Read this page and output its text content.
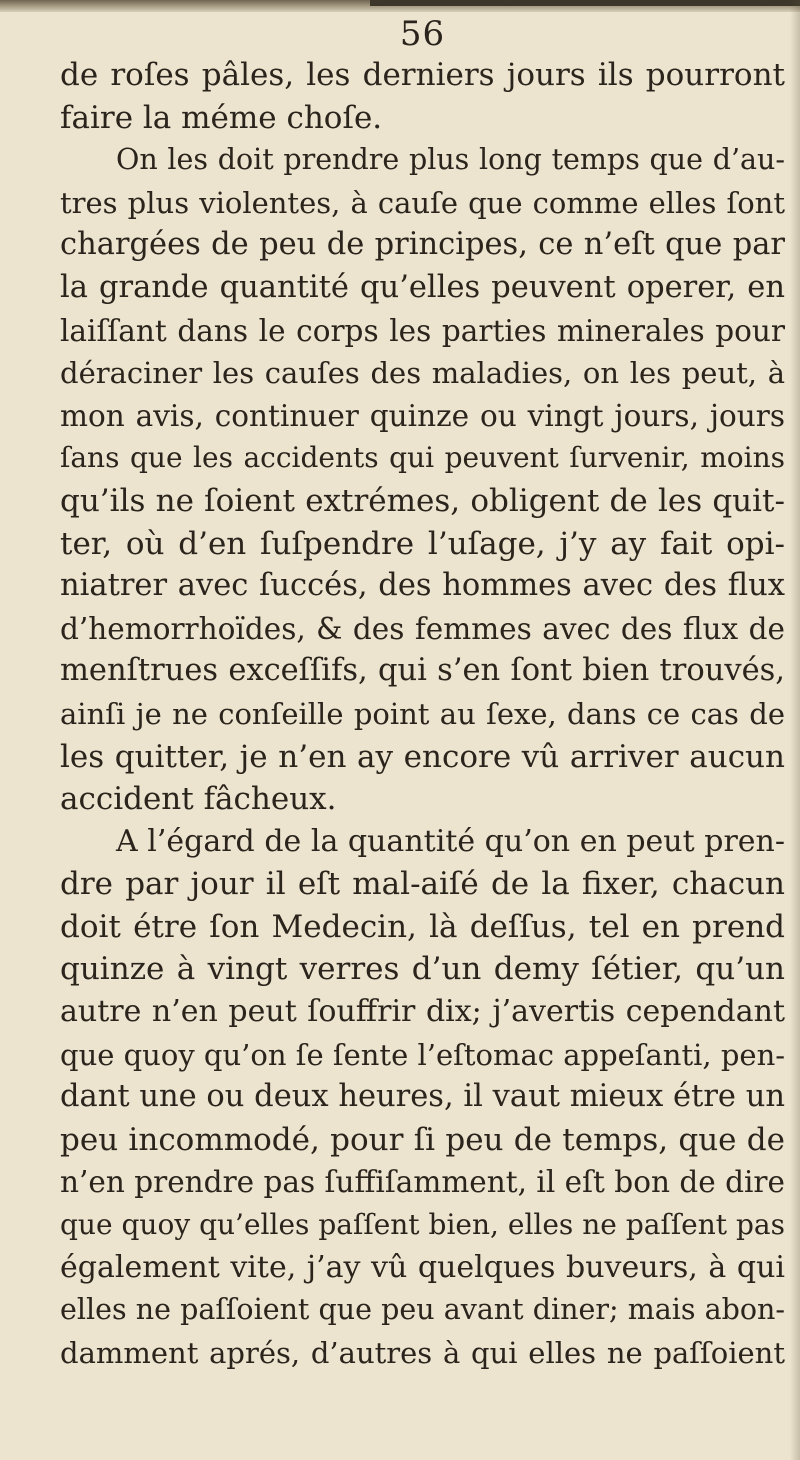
56
de roſes pâles, les derniers jours ils pourront
faire la méme choſe.
On les doit prendre plus long temps que d’au-
tres plus violentes, à cauſe que comme elles ſont
chargées de peu de principes, ce n’eſt que par
la grande quantité qu’elles peuvent operer, en
laiſſant dans le corps les parties minerales pour
déraciner les cauſes des maladies, on les peut, à
mon avis, continuer quinze ou vingt jours, jours
ſans que les accidents qui peuvent ſurvenir, moins
qu’ils ne ſoient extrémes, obligent de les quit-
ter, où d’en ſuſpendre l’uſage, j’y ay fait opi-
niatrer avec ſuccés, des hommes avec des flux
d’hemorrhoïdes, & des femmes avec des flux de
menſtrues exceſſifs, qui s’en ſont bien trouvés,
ainſi je ne conſeille point au ſexe, dans ce cas de
les quitter, je n’en ay encore vû arriver aucun
accident fâcheux.
A l’égard de la quantité qu’on en peut pren-
dre par jour il eſt mal-aiſé de la fixer, chacun
doit étre ſon Medecin, là deſſus, tel en prend
quinze à vingt verres d’un demy ſétier, qu’un
autre n’en peut ſouffrir dix; j’avertis cependant
que quoy qu’on ſe ſente l’eſtomac appeſanti, pen-
dant une ou deux heures, il vaut mieux étre un
peu incommodé, pour ſi peu de temps, que de
n’en prendre pas ſuffiſamment, il eſt bon de dire
que quoy qu’elles paſſent bien, elles ne paſſent pas
également vite, j’ay vû quelques buveurs, à qui
elles ne paſſoient que peu avant diner; mais abon-
damment aprés, d’autres à qui elles ne paſſoient
